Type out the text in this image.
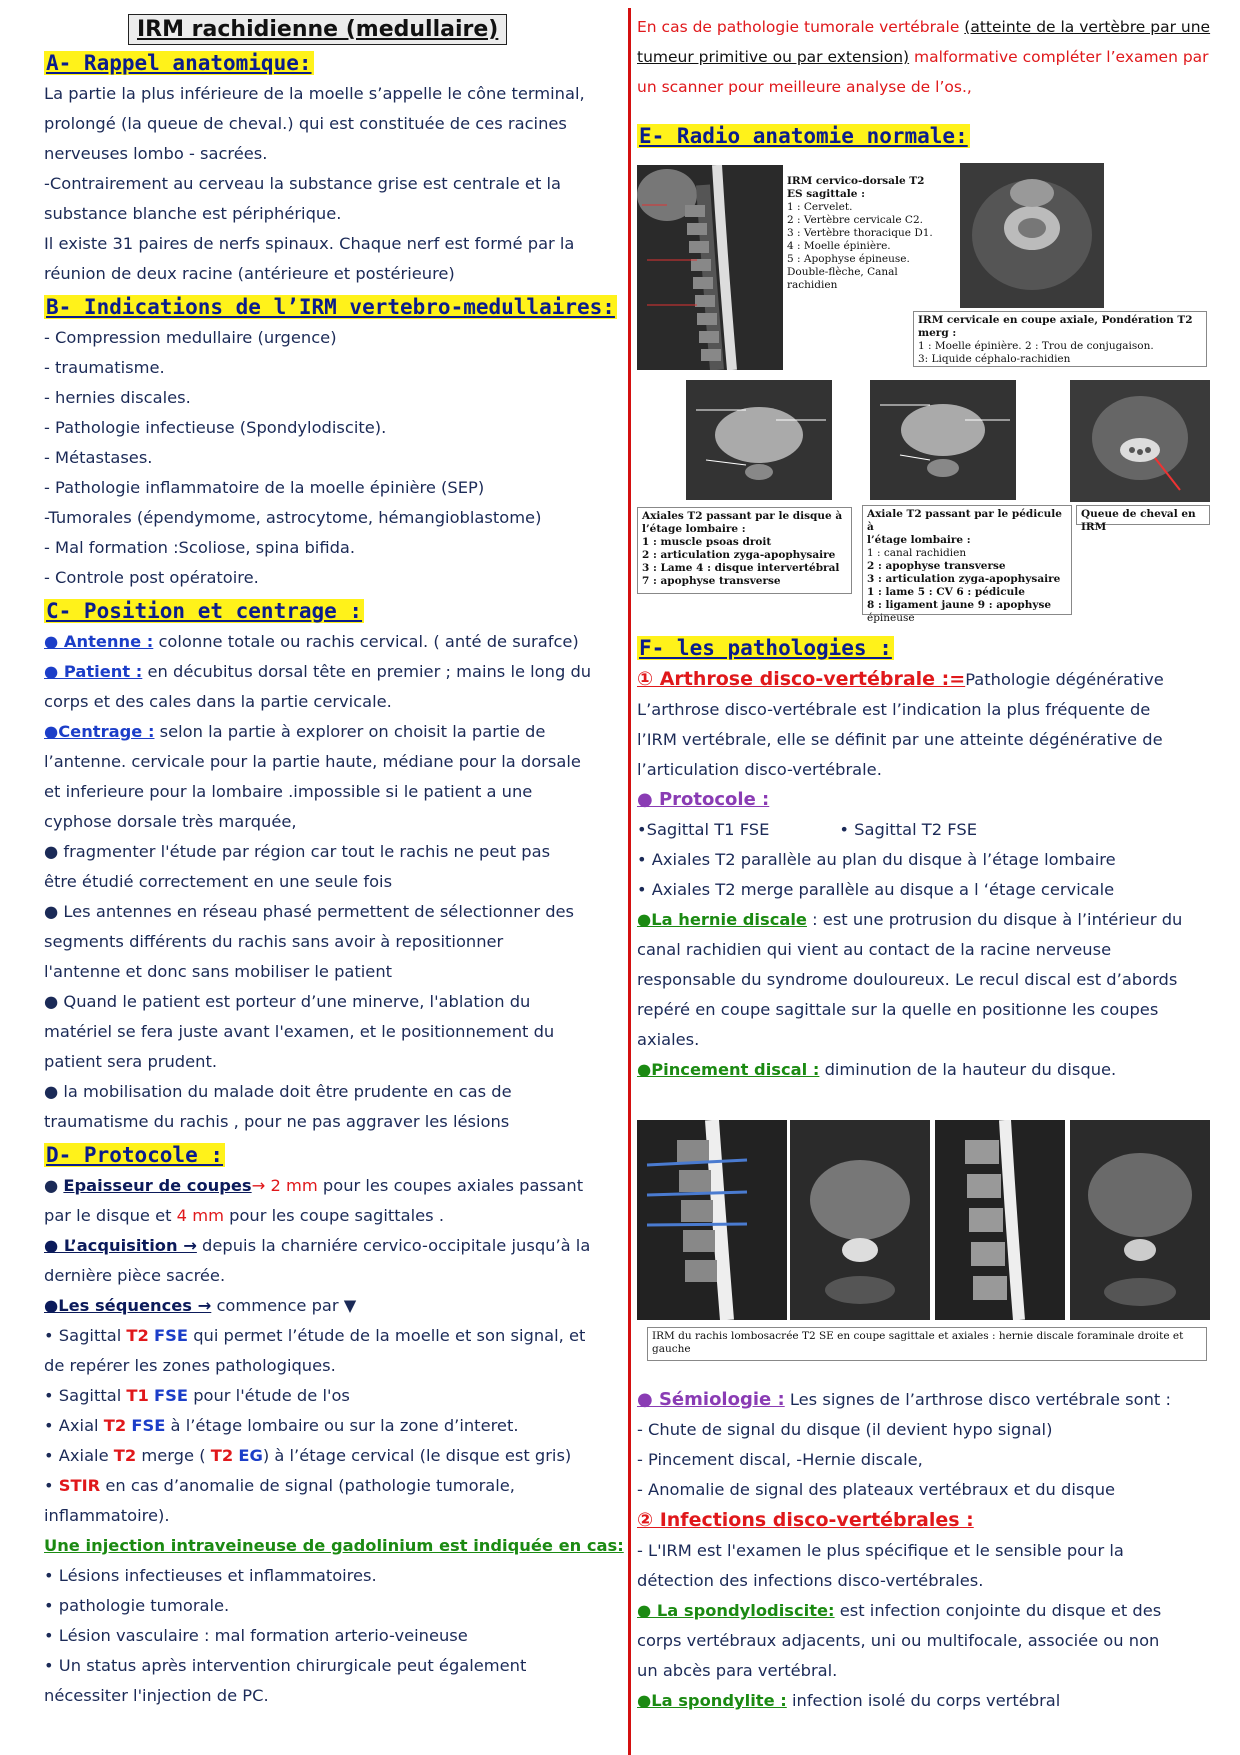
IRM rachidienne (medullaire)
A- Rappel anatomique:

La partie la plus inférieure de la moelle s’appelle le cône terminal,

prolongé (la queue de cheval.) qui est constituée de ces racines

nerveuses lombo - sacrées.

-Contrairement au cerveau la substance grise est centrale et la

substance blanche est périphérique.

Il existe 31 paires de nerfs spinaux. Chaque nerf est formé par la

réunion de deux racine (antérieure et postérieure)

B- Indications de l’IRM vertebro-medullaires:

- Compression medullaire (urgence)

- traumatisme.

- hernies discales.

- Pathologie infectieuse (Spondylodiscite).

- Métastases.

- Pathologie inflammatoire de la moelle épinière (SEP)

-Tumorales (épendymome, astrocytome, hémangioblastome)

- Mal formation :Scoliose, spina bifida.

- Controle post opératoire.

C- Position et centrage :

● Antenne : colonne totale ou rachis cervical. ( anté de surafce)

● Patient : en décubitus dorsal tête en premier ; mains le long du

corps et des cales dans la partie cervicale.

●Centrage : selon la partie à explorer on choisit la partie de

l’antenne. cervicale pour la partie haute, médiane pour la dorsale

et inferieure pour la lombaire .impossible si le patient a une

cyphose dorsale très marquée,

● fragmenter l'étude par région car tout le rachis ne peut pas

être étudié correctement en une seule fois

● Les antennes en réseau phasé permettent de sélectionner des

segments différents du rachis sans avoir à repositionner

l'antenne et donc sans mobiliser le patient

● Quand le patient est porteur d’une minerve, l'ablation du

matériel se fera juste avant l'examen, et le positionnement du

patient sera prudent.

● la mobilisation du malade doit être prudente en cas de

traumatisme du rachis , pour ne pas aggraver les lésions

D- Protocole :

● Epaisseur de coupes→ 2 mm pour les coupes axiales passant

par le disque et 4 mm pour les coupe sagittales .

● L’acquisition → depuis la charniére cervico-occipitale jusqu’à la

dernière pièce sacrée.

●Les séquences → commence par ▼

• Sagittal T2 FSE qui permet l’étude de la moelle et son signal, et

de repérer les zones pathologiques.

• Sagittal T1 FSE pour l'étude de l'os

• Axial T2 FSE à l’étage lombaire ou sur la zone d’interet.

• Axiale T2 merge ( T2 EG) à l’étage cervical (le disque est gris)

• STIR en cas d’anomalie de signal (pathologie tumorale,

inflammatoire).

Une injection intraveineuse de gadolinium est indiquée en cas:

• Lésions infectieuses et inflammatoires.

• pathologie tumorale.

• Lésion vasculaire : mal formation arterio-veineuse

• Un status après intervention chirurgicale peut également

nécessiter l'injection de PC.

En cas de pathologie tumorale vertébrale (atteinte de la vertèbre par une

tumeur primitive ou par extension) malformative compléter l’examen par

un scanner pour meilleure analyse de l’os.,

E- Radio anatomie normale:
IRM cervico-dorsale T2
ES sagittale :
1 : Cervelet.
2 : Vertèbre cervicale C2.
3 : Vertèbre thoracique D1.
4 : Moelle épinière.
5 : Apophyse épineuse.
Double-flèche, Canal
rachidien
IRM cervicale en coupe axiale, Pondération T2 merg :
1 : Moelle épinière. 2 : Trou de conjugaison.
3: Liquide céphalo-rachidien
Axiales T2 passant par le disque à
l’étage lombaire :
1 : muscle psoas droit
2 : articulation zyga-apophysaire
3 : Lame 4 : disque intervertébral
7 : apophyse transverse
Axiale T2 passant par le pédicule à
l’étage lombaire :
1 : canal rachidien
2 : apophyse transverse
3 : articulation zyga-apophysaire
1 : lame 5 : CV 6 : pédicule
8 : ligament jaune 9 : apophyse
épineuse
Queue de cheval en IRM
F- les pathologies :

① Arthrose disco-vertébrale :=Pathologie dégénérative

L’arthrose disco-vertébrale est l’indication la plus fréquente de

l’IRM vertébrale, elle se définit par une atteinte dégénérative de

l’articulation disco-vertébrale.

● Protocole :

•Sagittal T1 FSE	• Sagittal T2 FSE

• Axiales T2 parallèle au plan du disque à l’étage lombaire

• Axiales T2 merge parallèle au disque a l ‘étage cervicale

●La hernie discale : est une protrusion du disque à l’intérieur du

canal rachidien qui vient au contact de la racine nerveuse

responsable du syndrome douloureux. Le recul discal est d’abords

repéré en coupe sagittale sur la quelle en positionne les coupes

axiales.

●Pincement discal : diminution de la hauteur du disque.

IRM du rachis lombosacrée T2 SE en coupe sagittale et axiales : hernie discale foraminale droite et gauche

● Sémiologie : Les signes de l’arthrose disco vertébrale sont :

- Chute de signal du disque (il devient hypo signal)

- Pincement discal, -Hernie discale,

- Anomalie de signal des plateaux vertébraux et du disque

② Infections disco-vertébrales :

- L'IRM est l'examen le plus spécifique et le sensible pour la

détection des infections disco-vertébrales.

● La spondylodiscite: est infection conjointe du disque et des

corps vertébraux adjacents, uni ou multifocale, associée ou non

un abcès para vertébral.

●La spondylite : infection isolé du corps vertébral
